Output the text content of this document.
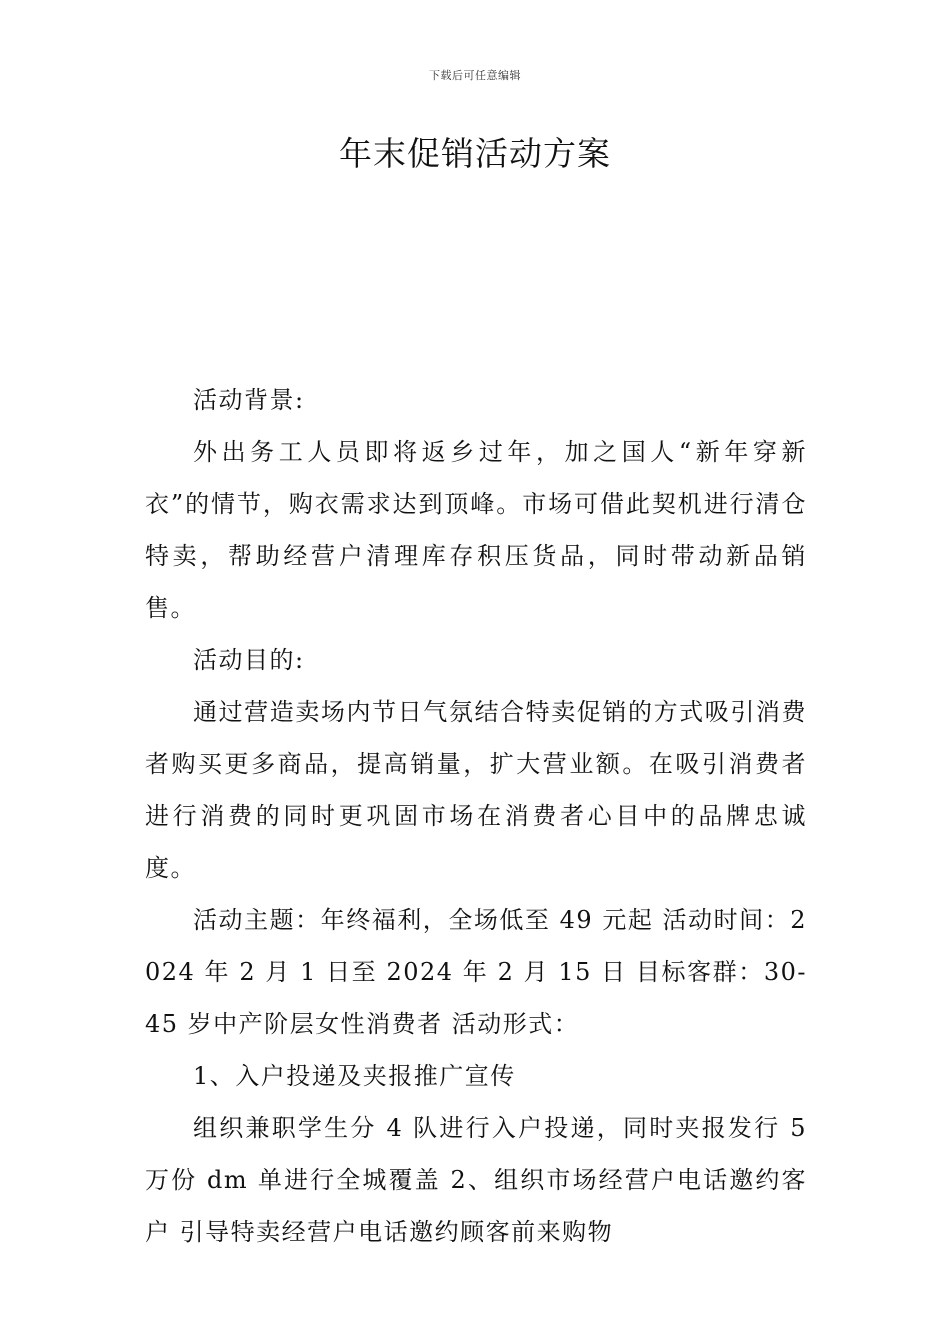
下载后可任意编辑
年末促销活动方案

活动背景:

外出务工人员即将返乡过年，加之国人“新年穿新衣”的情节，购衣需求达到顶峰。市场可借此契机进行清仓特卖，帮助经营户清理库存积压货品，同时带动新品销售。

活动目的:

通过营造卖场内节日气氛结合特卖促销的方式吸引消费者购买更多商品，提高销量，扩大营业额。在吸引消费者进行消费的同时更巩固市场在消费者心目中的品牌忠诚度。

活动主题：年终福利，全场低至 49 元起 活动时间：2024 年 2 月 1 日至 2024 年 2 月 15 日 目标客群：30-45 岁中产阶层女性消费者 活动形式：

1、入户投递及夹报推广宣传

组织兼职学生分 4 队进行入户投递，同时夹报发行 5 万份 dm 单进行全城覆盖 2、组织市场经营户电话邀约客户 引导特卖经营户电话邀约顾客前来购物
